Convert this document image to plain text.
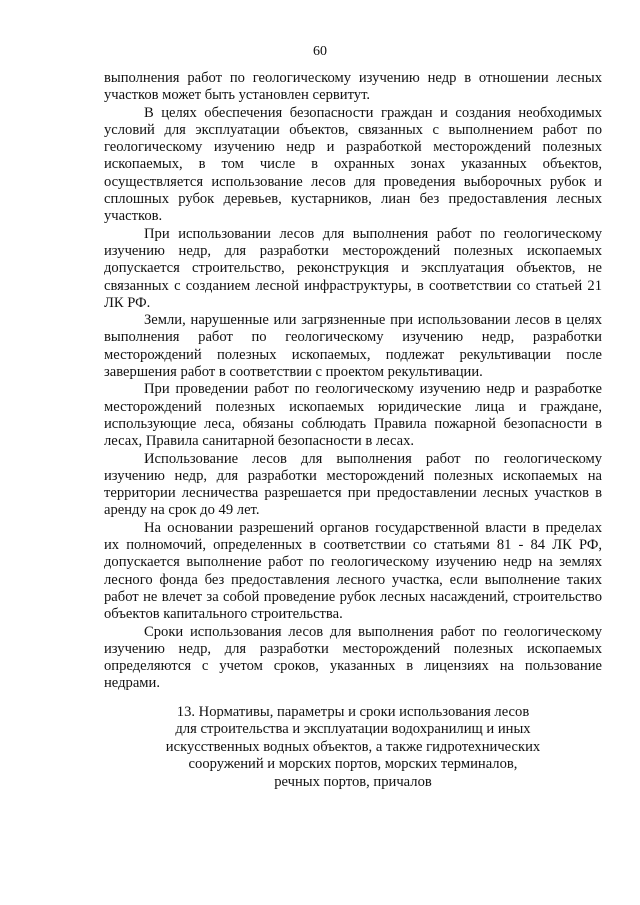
60

выполнения работ по геологическому изучению недр в отношении лесных участков может быть установлен сервитут.

В целях обеспечения безопасности граждан и создания необходимых условий для эксплуатации объектов, связанных с выполнением работ по геологическому изучению недр и разработкой месторождений полезных ископаемых, в том числе в охранных зонах указанных объектов, осуществляется использование лесов для проведения выборочных рубок и сплошных рубок деревьев, кустарников, лиан без предоставления лесных участков.

При использовании лесов для выполнения работ по геологическому изучению недр, для разработки месторождений полезных ископаемых допускается строительство, реконструкция и эксплуатация объектов, не связанных с созданием лесной инфраструктуры, в соответствии со статьей 21 ЛК РФ.

Земли, нарушенные или загрязненные при использовании лесов в целях выполнения работ по геологическому изучению недр, разработки месторождений полезных ископаемых, подлежат рекультивации после завершения работ в соответствии с проектом рекультивации.

При проведении работ по геологическому изучению недр и разработке месторождений полезных ископаемых юридические лица и граждане, использующие леса, обязаны соблюдать Правила пожарной безопасности в лесах, Правила санитарной безопасности в лесах.

Использование лесов для выполнения работ по геологическому изучению недр, для разработки месторождений полезных ископаемых на территории лесничества разрешается при предоставлении лесных участков в аренду на срок до 49 лет.

На основании разрешений органов государственной власти в пределах их полномочий, определенных в соответствии со статьями 81 - 84 ЛК РФ, допускается выполнение работ по геологическому изучению недр на землях лесного фонда без предоставления лесного участка, если выполнение таких работ не влечет за собой проведение рубок лесных насаждений, строительство объектов капитального строительства.

Сроки использования лесов для выполнения работ по геологическому изучению недр, для разработки месторождений полезных ископаемых определяются с учетом сроков, указанных в лицензиях на пользование недрами.

13. Нормативы, параметры и сроки использования лесов
для строительства и эксплуатации водохранилищ и иных
искусственных водных объектов, а также гидротехнических
сооружений и морских портов, морских терминалов,
речных портов, причалов
